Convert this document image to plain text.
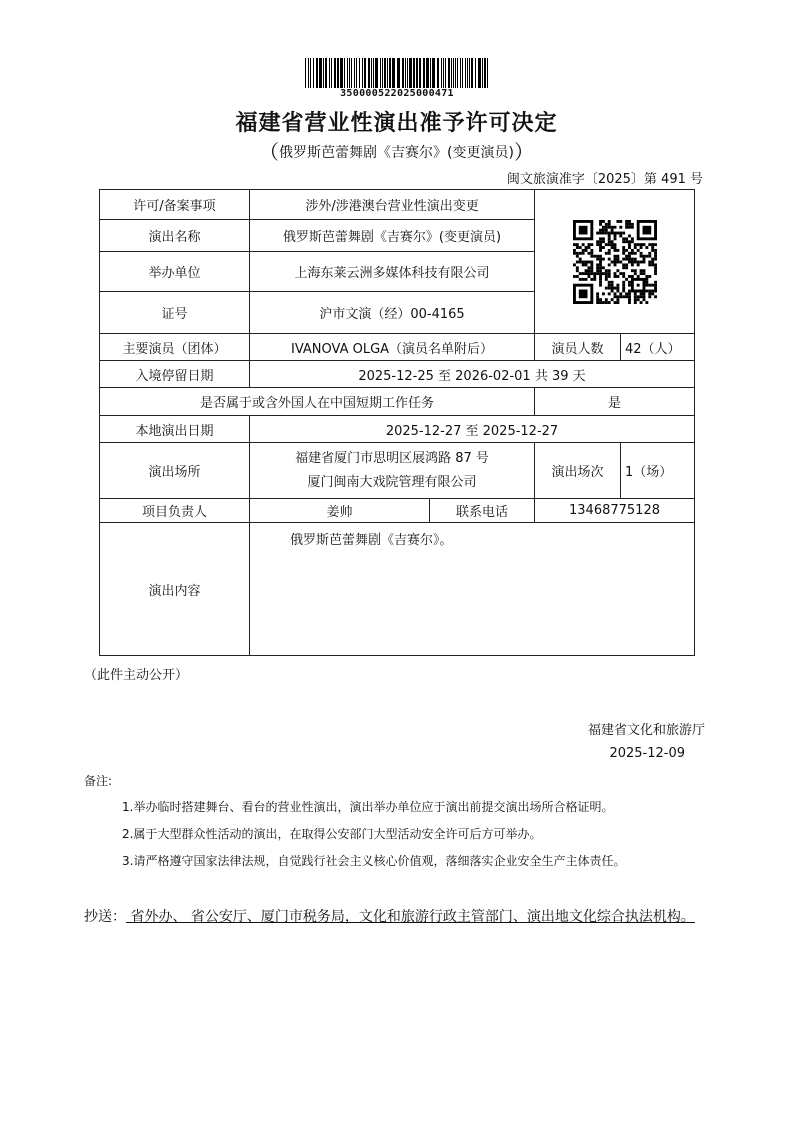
350000522025000471
福建省营业性演出准予许可决定
（俄罗斯芭蕾舞剧《吉赛尔》(变更演员)）
闽文旅演准字〔2025〕第 491 号
许可/备案事项	涉外/涉港澳台营业性演出变更	

演出名称	俄罗斯芭蕾舞剧《吉赛尔》(变更演员)			
举办单位	上海东莱云洲多媒体科技有限公司			
证号	沪市文演（经）00-4165			
主要演员（团体）	IVANOVA OLGA（演员名单附后）		演员人数	42（人）
入境停留日期	2025-12-25 至 2026-02-01 共 39 天			
是否属于或含外国人在中国短期工作任务			是	
本地演出日期	2025-12-27 至 2025-12-27			
演出场所	福建省厦门市思明区展鸿路 87 号
厦门闽南大戏院管理有限公司		演出场次	1（场）
项目负责人	姜帅	联系电话	13468775128	
演出内容	俄罗斯芭蕾舞剧《吉赛尔》。			
（此件主动公开）
福建省文化和旅游厅
2025-12-09
备注:
1.举办临时搭建舞台、看台的营业性演出，演出举办单位应于演出前提交演出场所合格证明。
2.属于大型群众性活动的演出，在取得公安部门大型活动安全许可后方可举办。
3.请严格遵守国家法律法规，自觉践行社会主义核心价值观，落细落实企业安全生产主体责任。
抄送： 省外办、 省公安厅、厦门市税务局，文化和旅游行政主管部门、演出地文化综合执法机构。
